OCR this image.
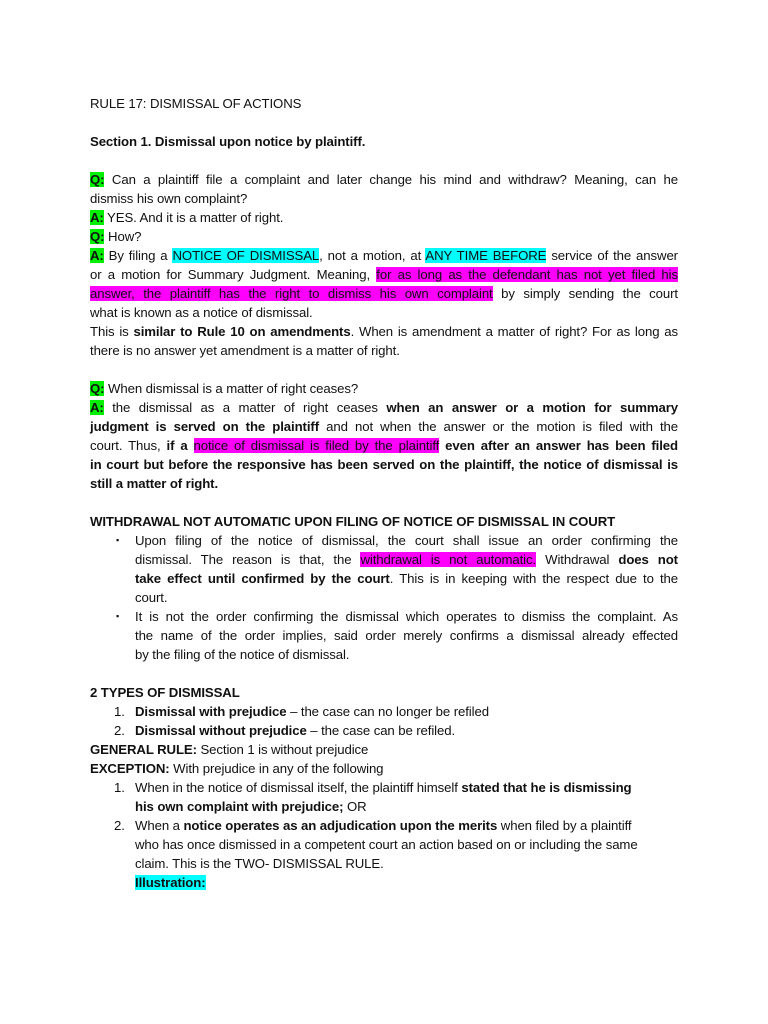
RULE 17: DISMISSAL OF ACTIONS
Section 1. Dismissal upon notice by plaintiff.
Q: Can a plaintiff file a complaint and later change his mind and withdraw? Meaning, can he
dismiss his own complaint?
A: YES. And it is a matter of right.
Q: How?
A: By filing a NOTICE OF DISMISSAL, not a motion, at ANY TIME BEFORE service of the answer
or a motion for Summary Judgment. Meaning, for as long as the defendant has not yet filed his
answer, the plaintiff has the right to dismiss his own complaint by simply sending the court
what is known as a notice of dismissal.
This is similar to Rule 10 on amendments. When is amendment a matter of right? For as long as
there is no answer yet amendment is a matter of right.
Q: When dismissal is a matter of right ceases?
A: the dismissal as a matter of right ceases when an answer or a motion for summary
judgment is served on the plaintiff and not when the answer or the motion is filed with the
court. Thus, if a notice of dismissal is filed by the plaintiff even after an answer has been filed
in court but before the responsive has been served on the plaintiff, the notice of dismissal is
still a matter of right.
WITHDRAWAL NOT AUTOMATIC UPON FILING OF NOTICE OF DISMISSAL IN COURT
▪ Upon filing of the notice of dismissal, the court shall issue an order confirming the
dismissal. The reason is that, the withdrawal is not automatic. Withdrawal does not
take effect until confirmed by the court. This is in keeping with the respect due to the
court.
▪ It is not the order confirming the dismissal which operates to dismiss the complaint. As
the name of the order implies, said order merely confirms a dismissal already effected
by the filing of the notice of dismissal.
2 TYPES OF DISMISSAL
1. Dismissal with prejudice – the case can no longer be refiled
2. Dismissal without prejudice – the case can be refiled.
GENERAL RULE: Section 1 is without prejudice
EXCEPTION: With prejudice in any of the following
1. When in the notice of dismissal itself, the plaintiff himself stated that he is dismissing
his own complaint with prejudice; OR
2. When a notice operates as an adjudication upon the merits when filed by a plaintiff
who has once dismissed in a competent court an action based on or including the same
claim. This is the TWO- DISMISSAL RULE.
Illustration:
